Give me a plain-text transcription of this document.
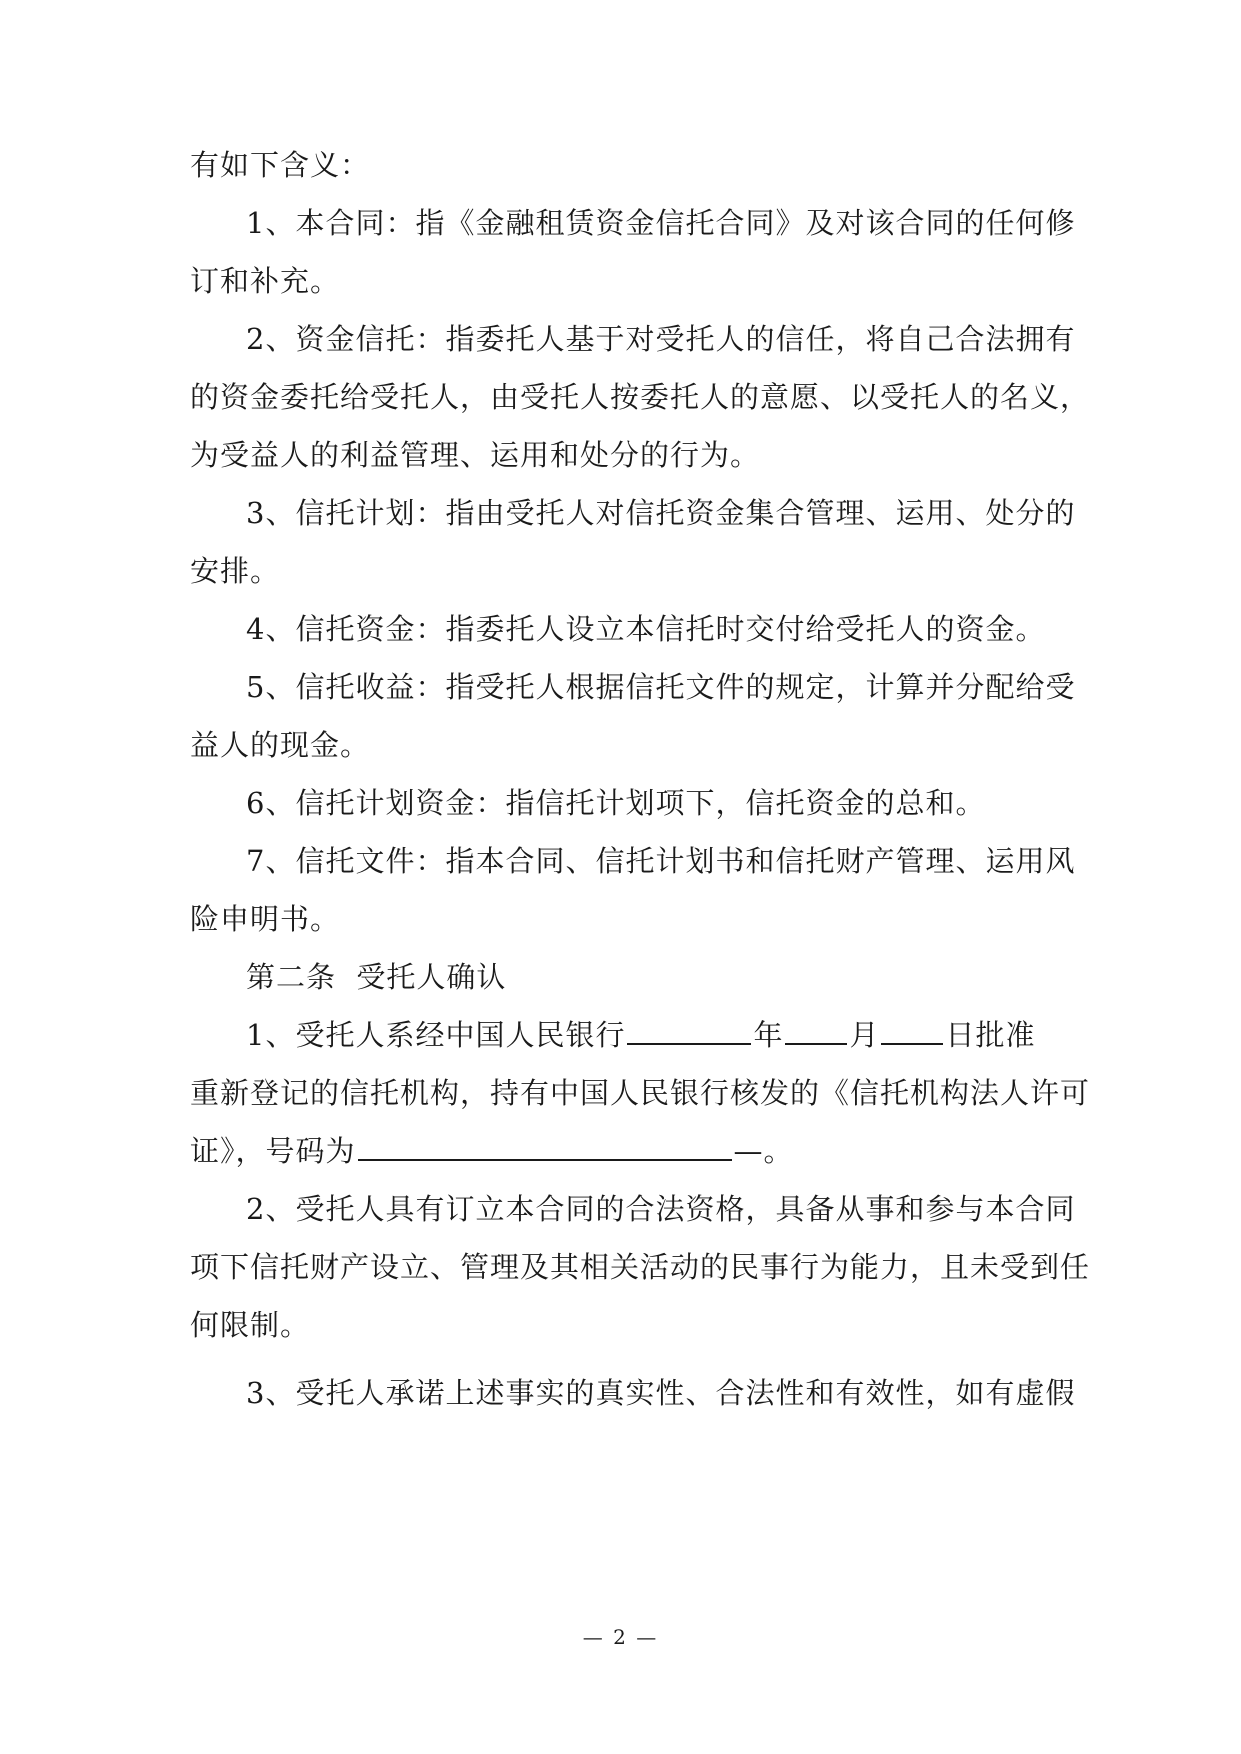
有如下含义：
1、本合同：指《金融租赁资金信托合同》及对该合同的任何修
订和补充。
2、资金信托：指委托人基于对受托人的信任，将自己合法拥有
的资金委托给受托人，由受托人按委托人的意愿、以受托人的名义，
为受益人的利益管理、运用和处分的行为。
3、信托计划：指由受托人对信托资金集合管理、运用、处分的
安排。
4、信托资金：指委托人设立本信托时交付给受托人的资金。
5、信托收益：指受托人根据信托文件的规定，计算并分配给受
益人的现金。
6、信托计划资金：指信托计划项下，信托资金的总和。
7、信托文件：指本合同、信托计划书和信托财产管理、运用风
险申明书。
第二条  受托人确认
1、受托人系经中国人民银行	年 月 日批准
重新登记的信托机构，持有中国人民银行核发的《信托机构法人许可
证》，号码为	—。
2、受托人具有订立本合同的合法资格，具备从事和参与本合同
项下信托财产设立、管理及其相关活动的民事行为能力，且未受到任
何限制。
3、受托人承诺上述事实的真实性、合法性和有效性，如有虚假
— 2 —
